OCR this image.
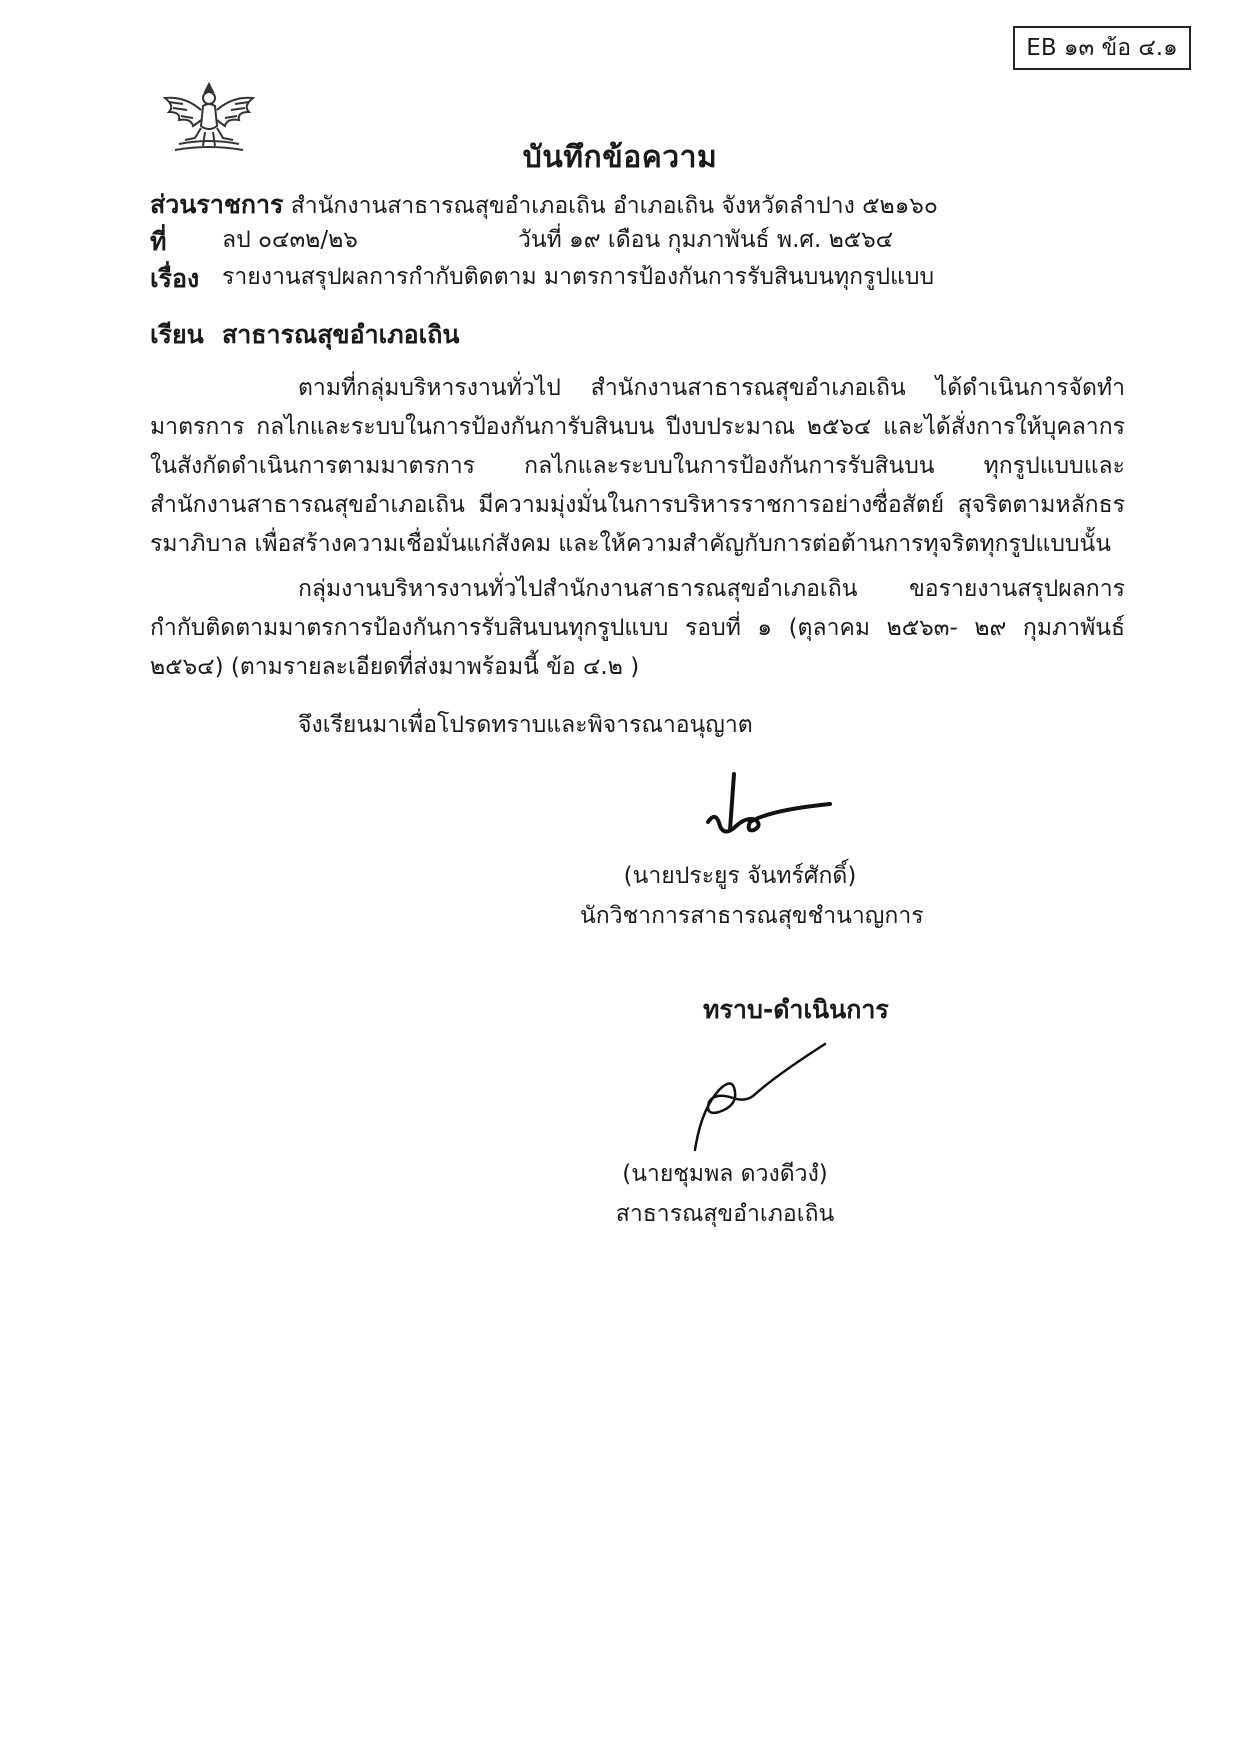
EB ๑๓ ข้อ ๔.๑
บันทึกข้อความ
ส่วนราชการ สำนักงานสาธารณสุขอำเภอเถิน อำเภอเถิน จังหวัดลำปาง ๕๒๑๖๐
ที่ ลป ๐๔๓๒/๒๖	วันที่ ๑๙ เดือน กุมภาพันธ์ พ.ศ. ๒๕๖๔
เรื่อง รายงานสรุปผลการกำกับติดตาม มาตรการป้องกันการรับสินบนทุกรูปแบบ
เรียน สาธารณสุขอำเภอเถิน

ตามที่กลุ่มบริหารงานทั่วไป สำนักงานสาธารณสุขอำเภอเถิน ได้ดำเนินการจัดทำมาตรการ กลไกและระบบในการป้องกันการับสินบน ปีงบประมาณ ๒๕๖๔ และได้สั่งการให้บุคลากรในสังกัดดำเนินการตามมาตรการ กลไกและระบบในการป้องกันการรับสินบน ทุกรูปแบบและสำนักงานสาธารณสุขอำเภอเถิน มีความมุ่งมั่นในการบริหารราชการอย่างซื่อสัตย์ สุจริตตามหลักธรรมาภิบาล เพื่อสร้างความเชื่อมั่นแก่สังคม และให้ความสำคัญกับการต่อต้านการทุจริตทุกรูปแบบนั้น

กลุ่มงานบริหารงานทั่วไปสำนักงานสาธารณสุขอำเภอเถิน ขอรายงานสรุปผลการกำกับติดตามมาตรการป้องกันการรับสินบนทุกรูปแบบ รอบที่ ๑ (ตุลาคม ๒๕๖๓- ๒๙ กุมภาพันธ์ ๒๕๖๔) (ตามรายละเอียดที่ส่งมาพร้อมนี้ ข้อ ๔.๒ )

จึงเรียนมาเพื่อโปรดทราบและพิจารณาอนุญาต
(นายประยูร จันทร์ศักดิ์)
นักวิชาการสาธารณสุขชำนาญการ
ทราบ-ดำเนินการ
(นายชุมพล ดวงดีวงํ)
สาธารณสุขอำเภอเถิน
